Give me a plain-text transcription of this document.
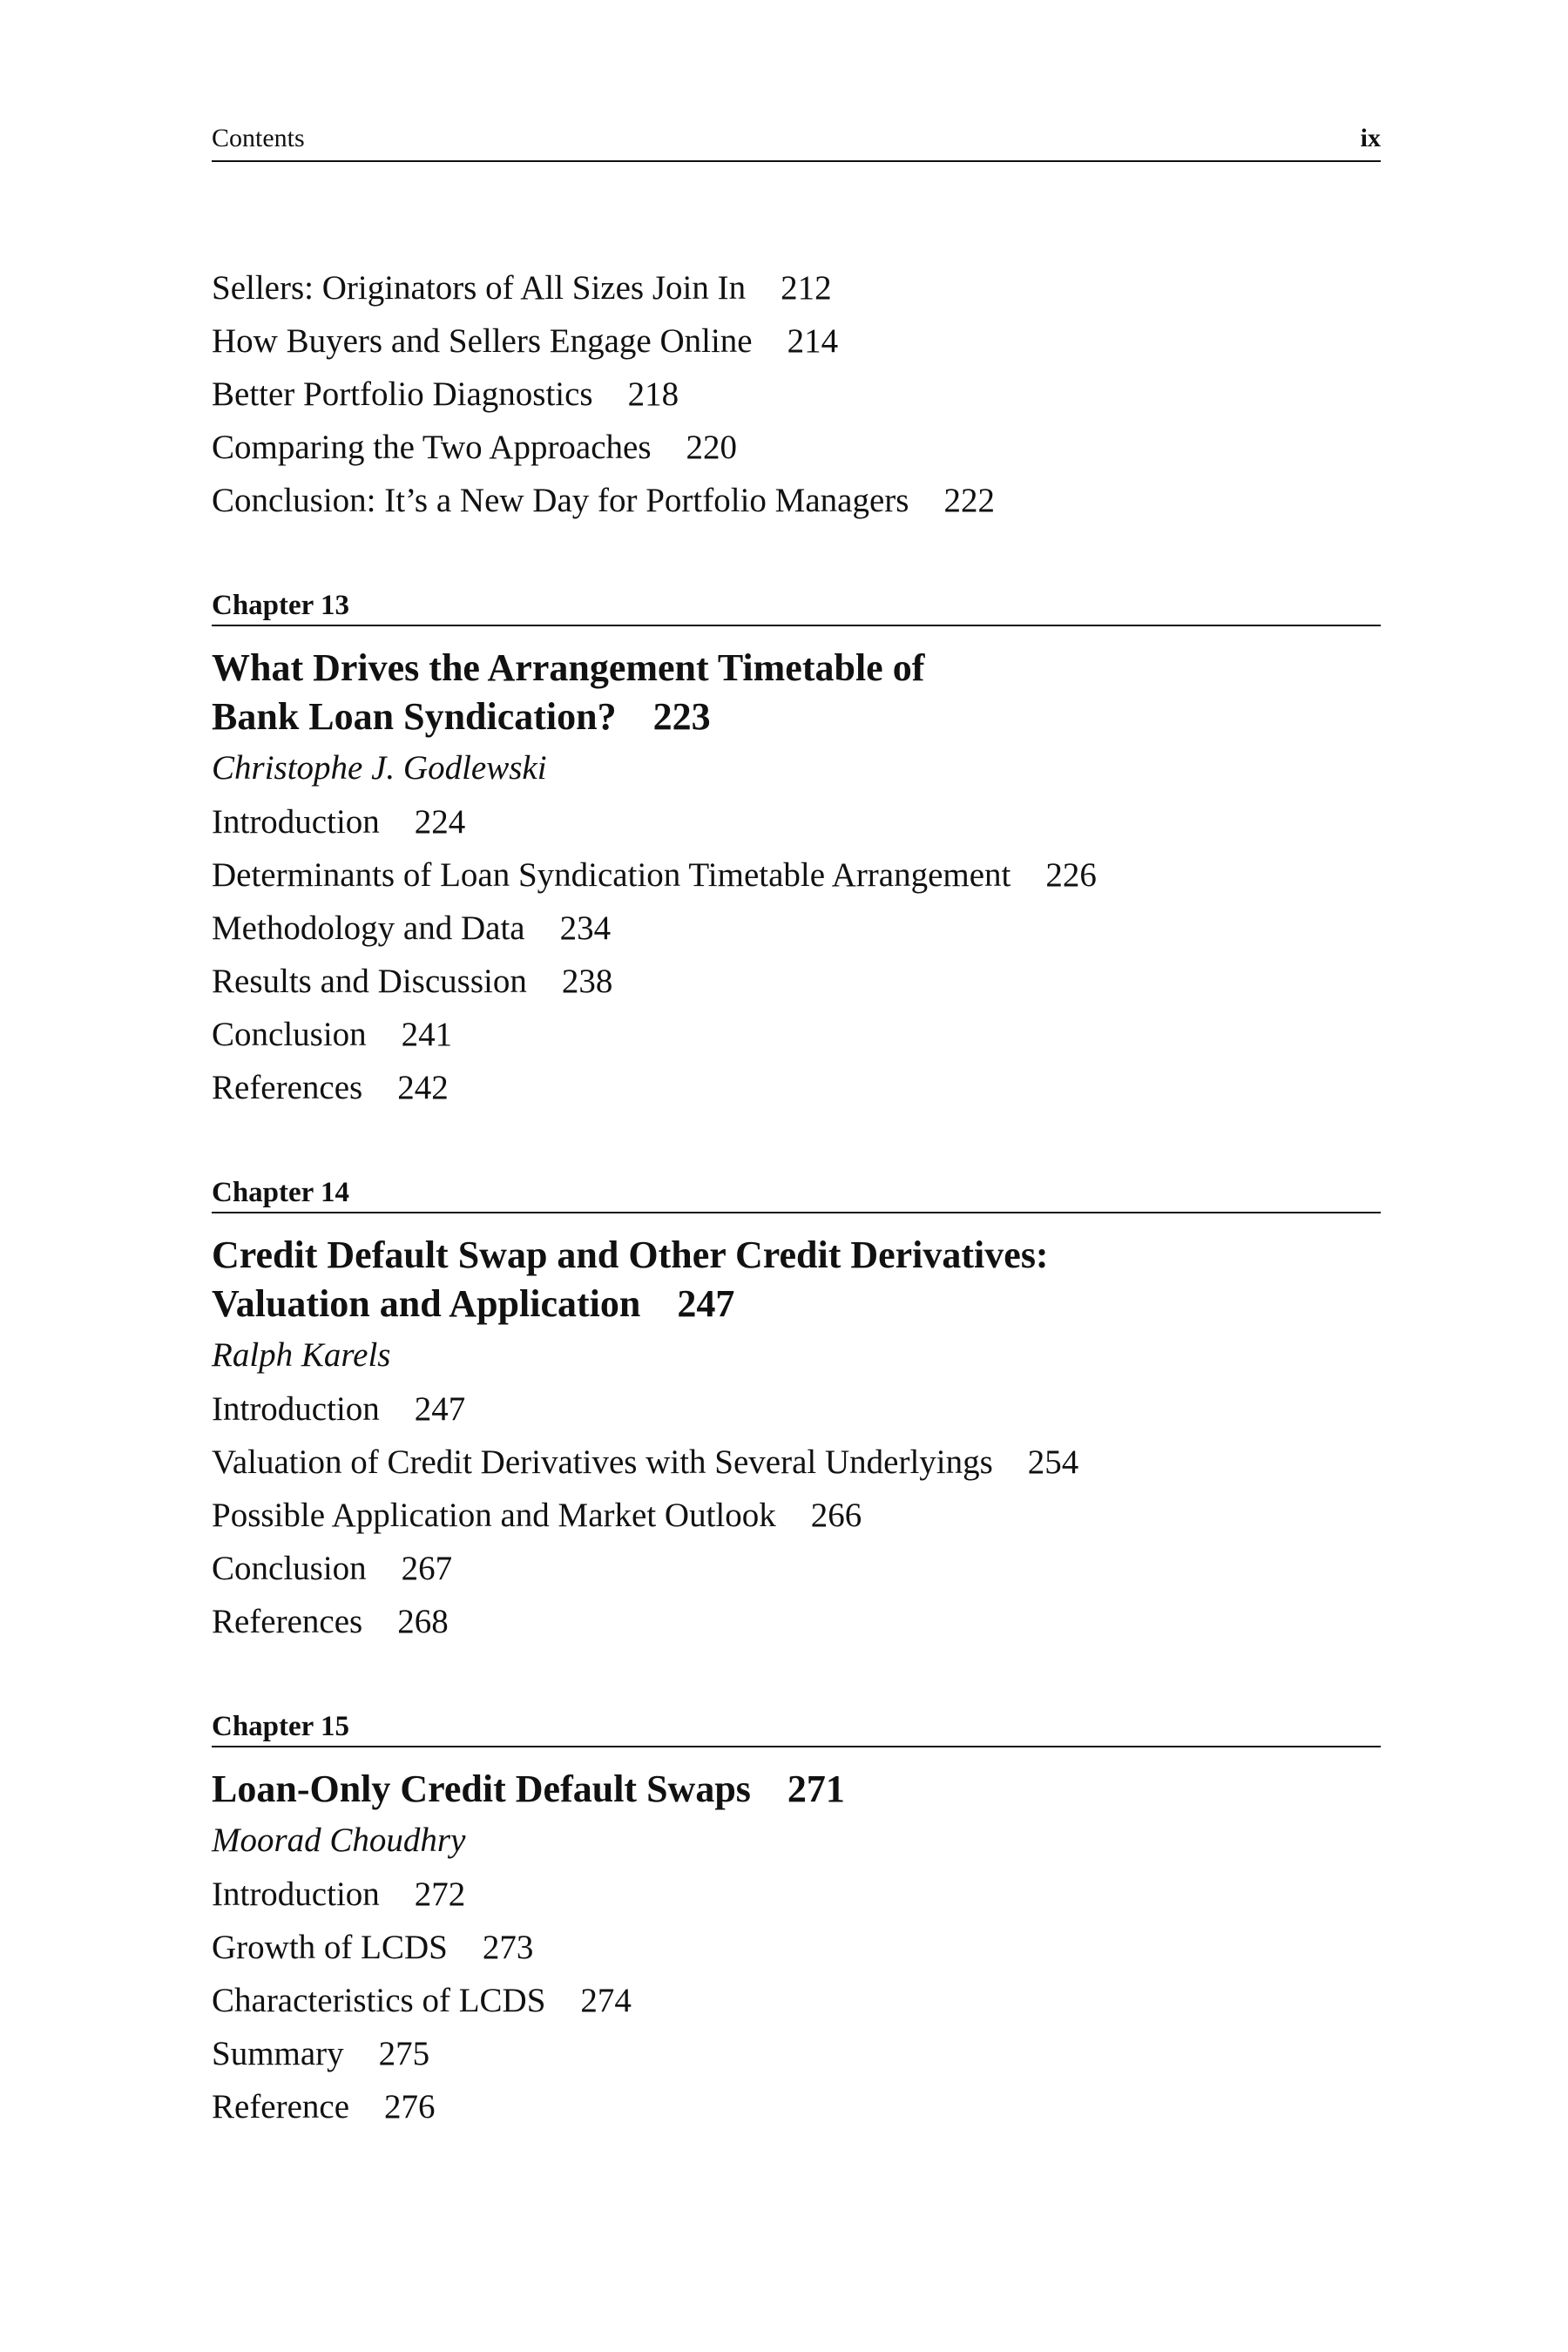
Contents	ix
Sellers: Originators of All Sizes Join In 212
How Buyers and Sellers Engage Online 214
Better Portfolio Diagnostics 218
Comparing the Two Approaches 220
Conclusion: It’s a New Day for Portfolio Managers 222
Chapter 13
What Drives the Arrangement Timetable of
Bank Loan Syndication? 223
Christophe J. Godlewski
Introduction 224
Determinants of Loan Syndication Timetable Arrangement 226
Methodology and Data 234
Results and Discussion 238
Conclusion 241
References 242
Chapter 14
Credit Default Swap and Other Credit Derivatives:
Valuation and Application 247
Ralph Karels
Introduction 247
Valuation of Credit Derivatives with Several Underlyings 254
Possible Application and Market Outlook 266
Conclusion 267
References 268
Chapter 15
Loan-Only Credit Default Swaps 271
Moorad Choudhry
Introduction 272
Growth of LCDS 273
Characteristics of LCDS 274
Summary 275
Reference 276
